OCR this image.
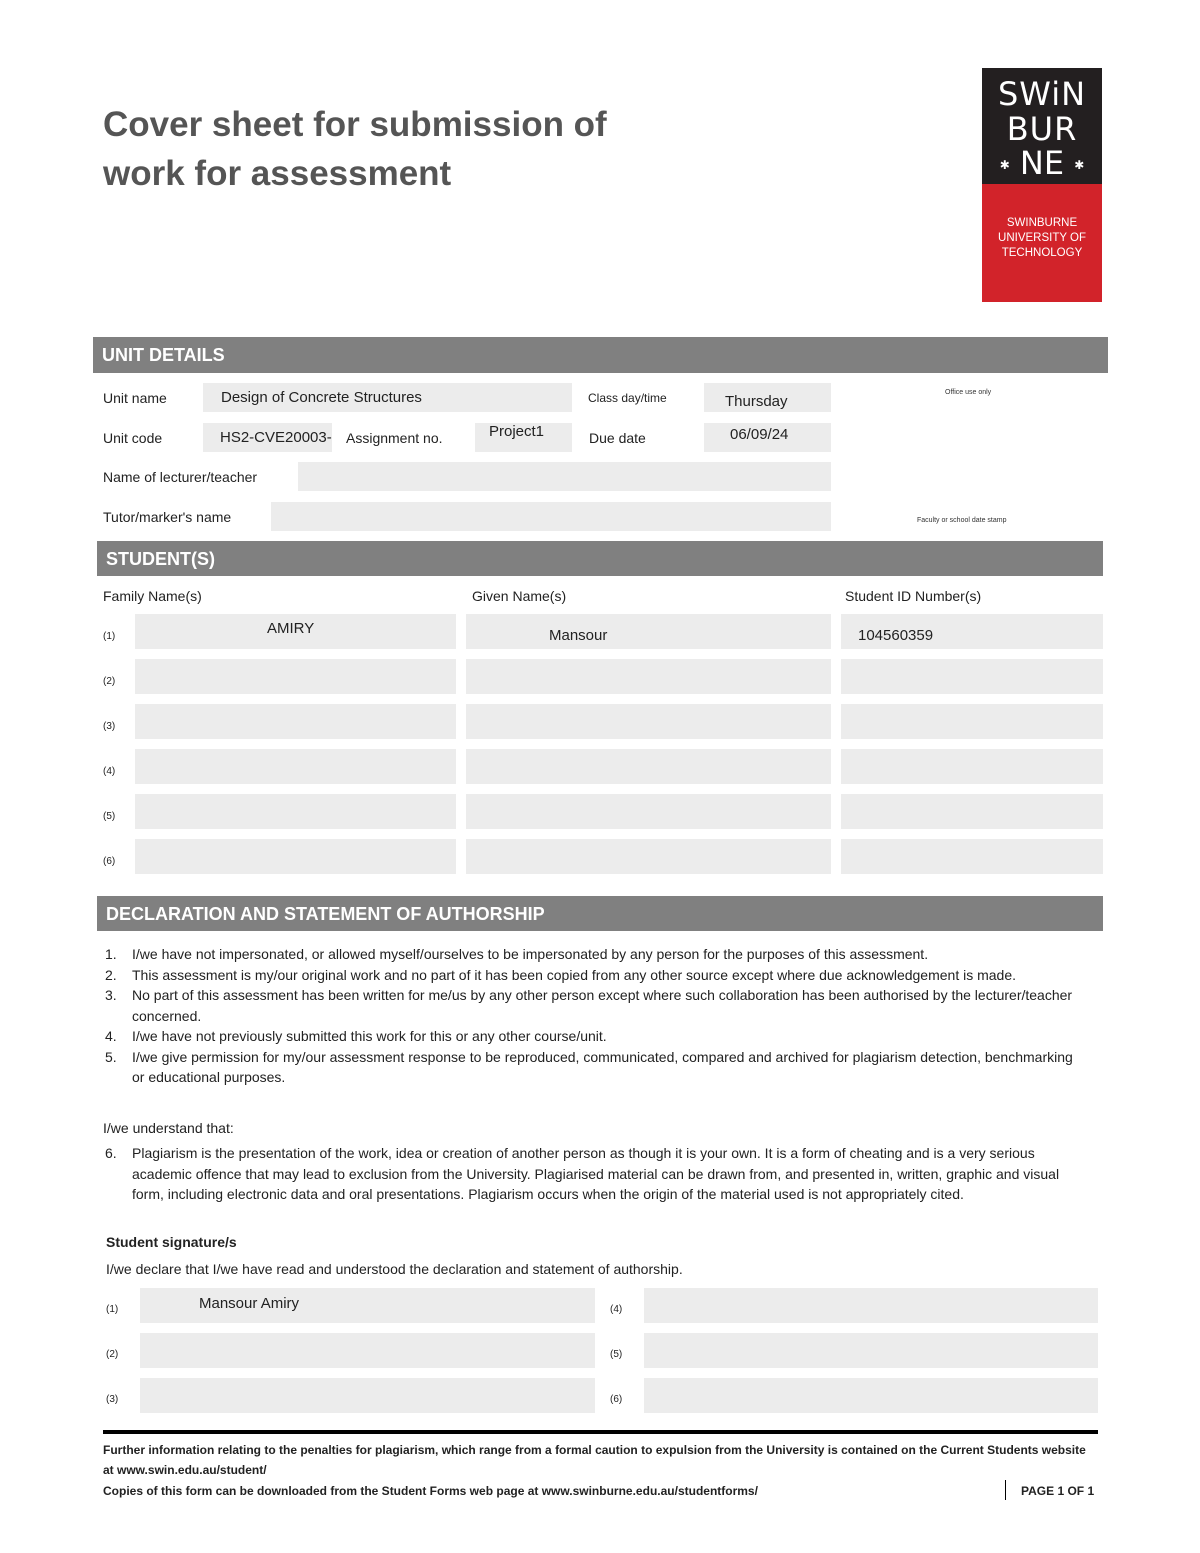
Cover sheet for submission of
work for assessment
SWiN
BUR
✱ NE ✱
SWINBURNE
UNIVERSITY OF
TECHNOLOGY
UNIT DETAILS
Unit name	Design of Concrete Structures	Class day/time	Thursday
Office use only
Unit code	HS2-CVE20003- Assignment no.	Project1	Due date	06/09/24
Name of lecturer/teacher
Tutor/marker's name	Faculty or school date stamp
STUDENT(S)
Family Name(s)	Given Name(s)	Student ID Number(s)
(1)	AMIRY	Mansour	104560359
(2)
(3)
(4)
(5)
(6)
DECLARATION AND STATEMENT OF AUTHORSHIP
1. I/we have not impersonated, or allowed myself/ourselves to be impersonated by any person for the purposes of this assessment.
2. This assessment is my/our original work and no part of it has been copied from any other source except where due acknowledgement is made.
3. No part of this assessment has been written for me/us by any other person except where such collaboration has been authorised by the lecturer/teacher concerned.
4. I/we have not previously submitted this work for this or any other course/unit.
5. I/we give permission for my/our assessment response to be reproduced, communicated, compared and archived for plagiarism detection, benchmarking or educational purposes.
I/we understand that:
6. Plagiarism is the presentation of the work, idea or creation of another person as though it is your own. It is a form of cheating and is a very serious academic offence that may lead to exclusion from the University. Plagiarised material can be drawn from, and presented in, written, graphic and visual form, including electronic data and oral presentations. Plagiarism occurs when the origin of the material used is not appropriately cited.
Student signature/s
I/we declare that I/we have read and understood the declaration and statement of authorship.
(1)	Mansour Amiry
(2)
(3)
(4)
(5)
(6)
Further information relating to the penalties for plagiarism, which range from a formal caution to expulsion from the University is contained on the Current Students website at www.swin.edu.au/student/
Copies of this form can be downloaded from the Student Forms web page at www.swinburne.edu.au/studentforms/	PAGE 1 OF 1
